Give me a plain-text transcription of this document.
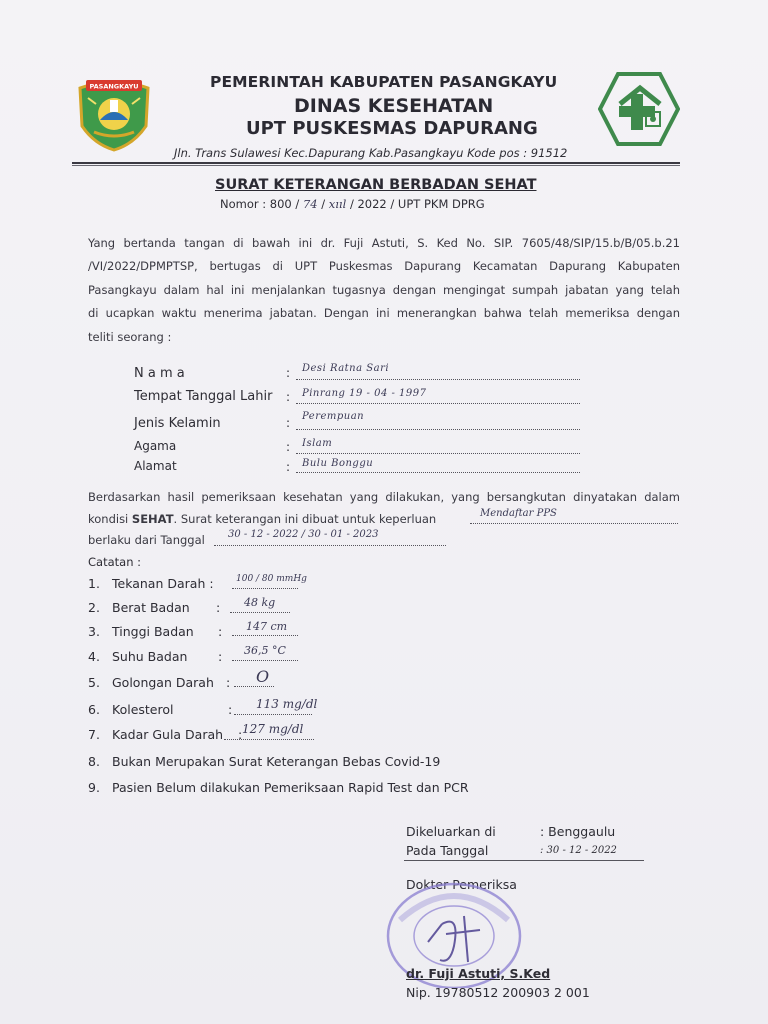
PASANGKAYU	PEMERINTAH KABUPATEN PASANGKAYU
DINAS KESEHATAN
UPT PUSKESMAS DAPURANG
Jln. Trans Sulawesi Kec.Dapurang Kab.Pasangkayu Kode pos : 91512
SURAT KETERANGAN BERBADAN SEHAT
Nomor : 800 / 74 / xııl / 2022 / UPT PKM DPRG
Yang bertanda tangan di bawah ini dr. Fuji Astuti, S. Ked No. SIP. 7605/48/SIP/15.b/B/05.b.21
/VI/2022/DPMPTSP, bertugas di UPT Puskesmas Dapurang Kecamatan Dapurang Kabupaten
Pasangkayu dalam hal ini menjalankan tugasnya dengan mengingat sumpah jabatan yang telah
di ucapkan waktu menerima jabatan. Dengan ini menerangkan bahwa telah memeriksa dengan
teliti seorang :
N a m a	: Desi Ratna Sari
Tempat Tanggal Lahir : Pinrang 19 - 04 - 1997
Jenis Kelamin	: Perempuan
Agama	: Islam
Alamat	: Bulu Bonggu
Berdasarkan hasil pemeriksaan kesehatan yang dilakukan, yang bersangkutan dinyatakan dalam
kondisi SEHAT. Surat keterangan ini dibuat untuk keperluan	Mendaftar PPS
berlaku dari Tanggal 30 - 12 - 2022 / 30 - 01 - 2023
Catatan :
1. Tekanan Darah : 100 / 80 mmHg
2. Berat Badan : 48 kg
3. Tinggi Badan : 147 cm
4. Suhu Badan : 36,5 °C
5. Golongan Darah : O
6. Kolesterol	: 113 mg/dl
7. Kadar Gula Darah : 127 mg/dl
8. Bukan Merupakan Surat Keterangan Bebas Covid-19
9. Pasien Belum dilakukan Pemeriksaan Rapid Test dan PCR
Dikeluarkan di	: Benggaulu
Pada Tanggal	: 30 - 12 - 2022
Dokter Pemeriksa
dr. Fuji Astuti, S.Ked
Nip. 19780512 200903 2 001
